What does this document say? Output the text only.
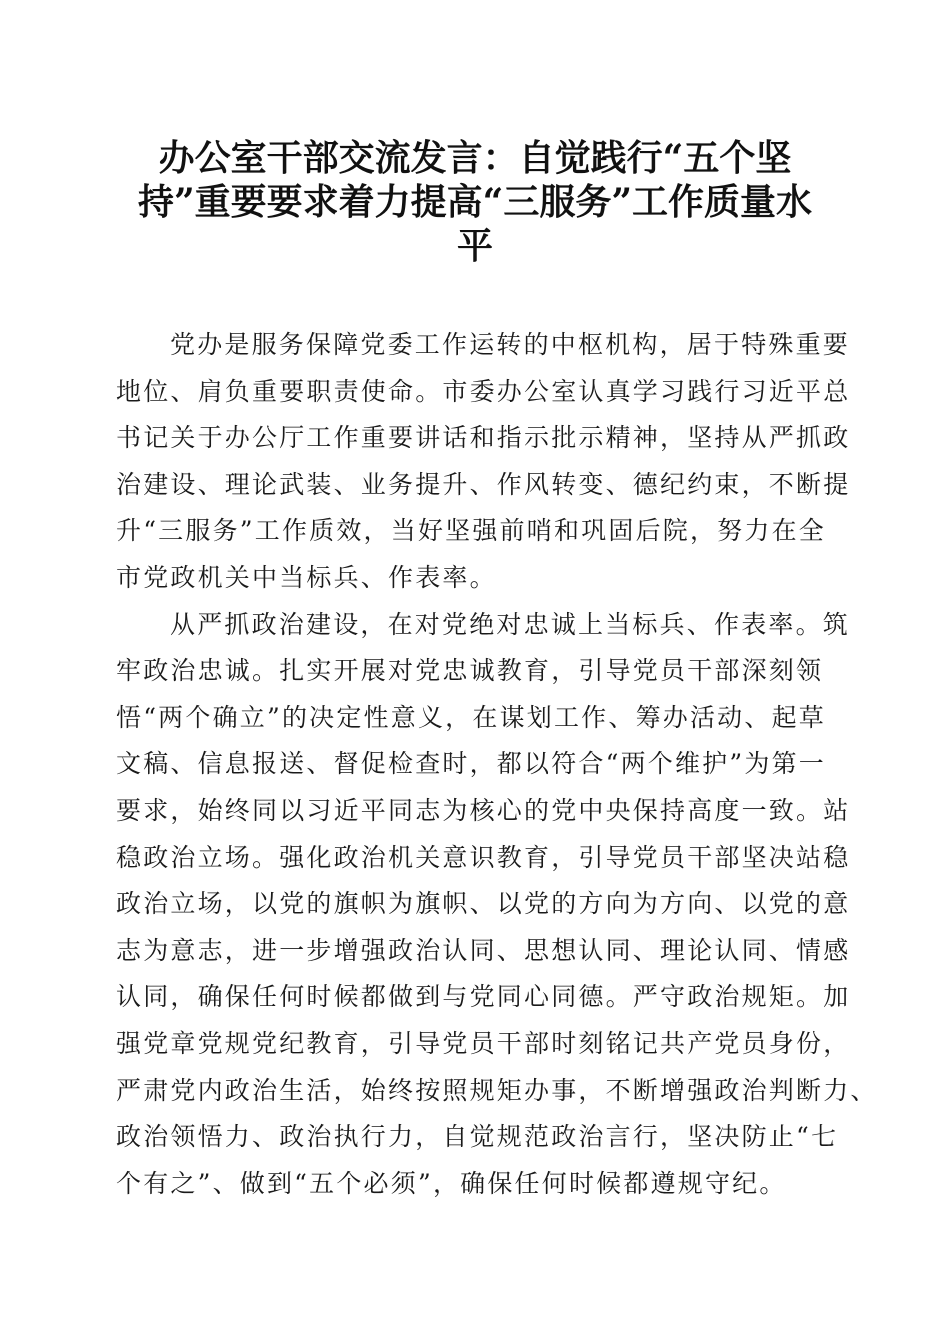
办公室干部交流发言：自觉践行“五个坚
持”重要要求着力提高“三服务”工作质量水
平

党办是服务保障党委工作运转的中枢机构，居于特殊重要
地位、肩负重要职责使命。市委办公室认真学习践行习近平总
书记关于办公厅工作重要讲话和指示批示精神，坚持从严抓政
治建设、理论武装、业务提升、作风转变、德纪约束，不断提
升“三服务”工作质效，当好坚强前哨和巩固后院，努力在全
市党政机关中当标兵、作表率。

从严抓政治建设，在对党绝对忠诚上当标兵、作表率。筑
牢政治忠诚。扎实开展对党忠诚教育，引导党员干部深刻领
悟“两个确立”的决定性意义，在谋划工作、筹办活动、起草
文稿、信息报送、督促检查时，都以符合“两个维护”为第一
要求，始终同以习近平同志为核心的党中央保持高度一致。站
稳政治立场。强化政治机关意识教育，引导党员干部坚决站稳
政治立场，以党的旗帜为旗帜、以党的方向为方向、以党的意
志为意志，进一步增强政治认同、思想认同、理论认同、情感
认同，确保任何时候都做到与党同心同德。严守政治规矩。加
强党章党规党纪教育，引导党员干部时刻铭记共产党员身份，
严肃党内政治生活，始终按照规矩办事，不断增强政治判断力、
政治领悟力、政治执行力，自觉规范政治言行，坚决防止“七
个有之”、做到“五个必须”，确保任何时候都遵规守纪。
